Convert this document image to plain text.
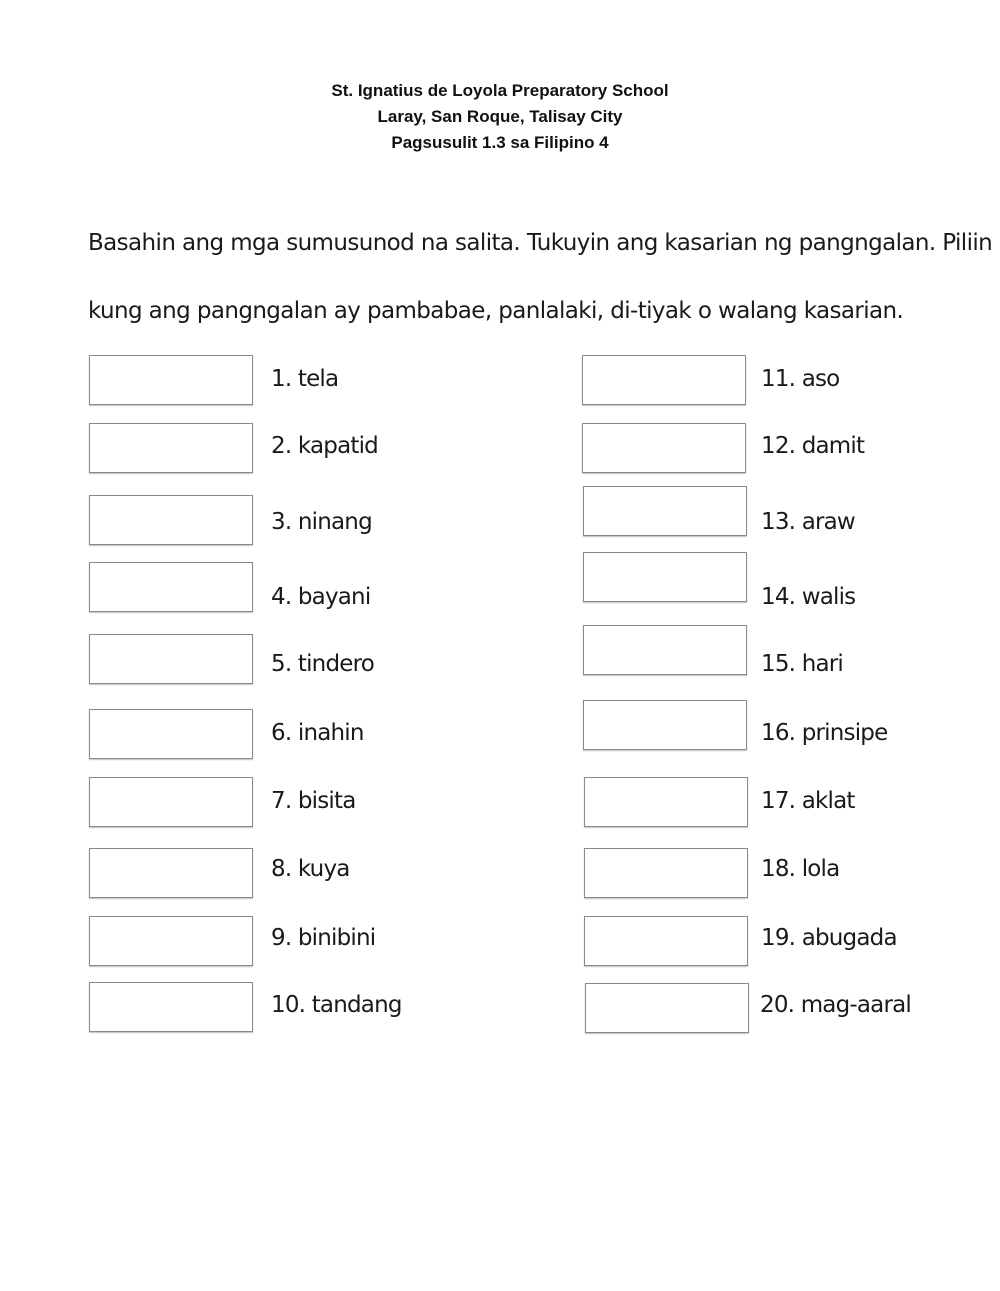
St. Ignatius de Loyola Preparatory School
Laray, San Roque, Talisay City
Pagsusulit 1.3 sa Filipino 4
Basahin ang mga sumusunod na salita. Tukuyin ang kasarian ng pangngalan. Piliin
kung ang pangngalan ay pambabae, panlalaki, di-tiyak o walang kasarian.
1. tela
2. kapatid
3. ninang
4. bayani
5. tindero
6. inahin
7. bisita
8. kuya
9. binibini
10. tandang
11. aso
12. damit
13. araw
14. walis
15. hari
16. prinsipe
17. aklat
18. lola
19. abugada
20. mag-aaral
